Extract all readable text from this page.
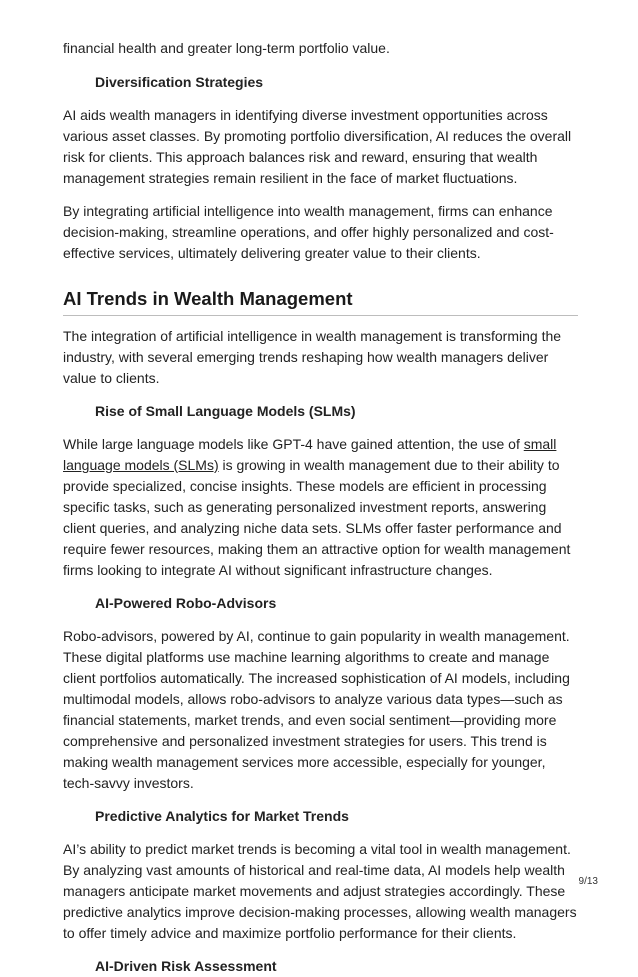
financial health and greater long-term portfolio value.

Diversification Strategies

AI aids wealth managers in identifying diverse investment opportunities across various asset classes. By promoting portfolio diversification, AI reduces the overall risk for clients. This approach balances risk and reward, ensuring that wealth management strategies remain resilient in the face of market fluctuations.

By integrating artificial intelligence into wealth management, firms can enhance decision-making, streamline operations, and offer highly personalized and cost-effective services, ultimately delivering greater value to their clients.

AI Trends in Wealth Management

The integration of artificial intelligence in wealth management is transforming the industry, with several emerging trends reshaping how wealth managers deliver value to clients.

Rise of Small Language Models (SLMs)

While large language models like GPT-4 have gained attention, the use of small language models (SLMs) is growing in wealth management due to their ability to provide specialized, concise insights. These models are efficient in processing specific tasks, such as generating personalized investment reports, answering client queries, and analyzing niche data sets. SLMs offer faster performance and require fewer resources, making them an attractive option for wealth management firms looking to integrate AI without significant infrastructure changes.

AI-Powered Robo-Advisors

Robo-advisors, powered by AI, continue to gain popularity in wealth management. These digital platforms use machine learning algorithms to create and manage client portfolios automatically. The increased sophistication of AI models, including multimodal models, allows robo-advisors to analyze various data types—such as financial statements, market trends, and even social sentiment—providing more comprehensive and personalized investment strategies for users. This trend is making wealth management services more accessible, especially for younger, tech-savvy investors.

Predictive Analytics for Market Trends

AI’s ability to predict market trends is becoming a vital tool in wealth management. By analyzing vast amounts of historical and real-time data, AI models help wealth managers anticipate market movements and adjust strategies accordingly. These predictive analytics improve decision-making processes, allowing wealth managers to offer timely advice and maximize portfolio performance for their clients.

AI-Driven Risk Assessment
9/13
